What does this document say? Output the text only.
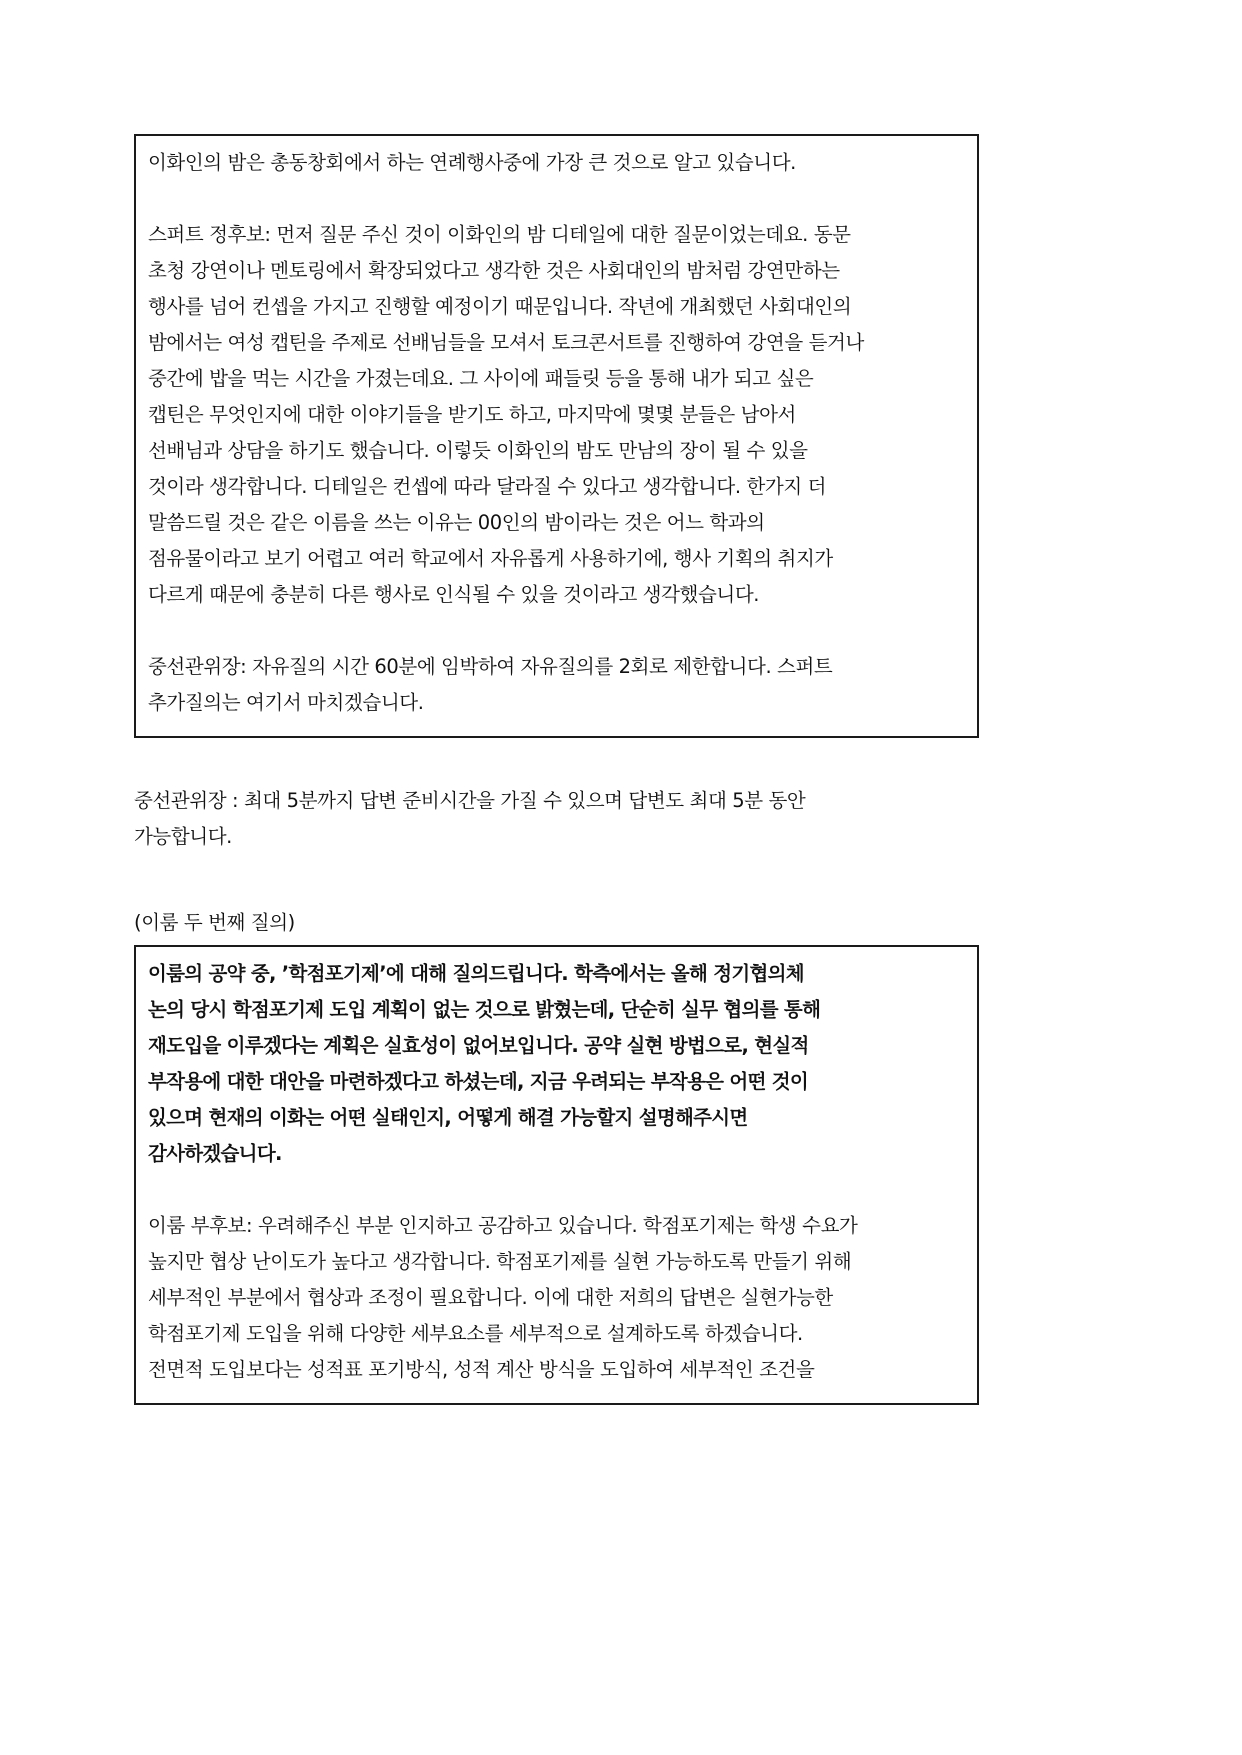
이화인의 밤은 총동창회에서 하는 연례행사중에 가장 큰 것으로 알고 있습니다.

스퍼트 정후보: 먼저 질문 주신 것이 이화인의 밤 디테일에 대한 질문이었는데요. 동문
초청 강연이나 멘토링에서 확장되었다고 생각한 것은 사회대인의 밤처럼 강연만하는
행사를 넘어 컨셉을 가지고 진행할 예정이기 때문입니다. 작년에 개최했던 사회대인의
밤에서는 여성 캡틴을 주제로 선배님들을 모셔서 토크콘서트를 진행하여 강연을 듣거나
중간에 밥을 먹는 시간을 가졌는데요. 그 사이에 패들릿 등을 통해 내가 되고 싶은
캡틴은 무엇인지에 대한 이야기들을 받기도 하고, 마지막에 몇몇 분들은 남아서
선배님과 상담을 하기도 했습니다. 이렇듯 이화인의 밤도 만남의 장이 될 수 있을
것이라 생각합니다. 디테일은 컨셉에 따라 달라질 수 있다고 생각합니다. 한가지 더
말씀드릴 것은 같은 이름을 쓰는 이유는 00인의 밤이라는 것은 어느 학과의
점유물이라고 보기 어렵고 여러 학교에서 자유롭게 사용하기에, 행사 기획의 취지가
다르게 때문에 충분히 다른 행사로 인식될 수 있을 것이라고 생각했습니다.

중선관위장: 자유질의 시간 60분에 임박하여 자유질의를 2회로 제한합니다. 스퍼트
추가질의는 여기서 마치겠습니다.

중선관위장 : 최대 5분까지 답변 준비시간을 가질 수 있으며 답변도 최대 5분 동안
가능합니다.
(이룸 두 번째 질의)

이룸의 공약 중, ’학점포기제’에 대해 질의드립니다. 학측에서는 올해 정기협의체
논의 당시 학점포기제 도입 계획이 없는 것으로 밝혔는데, 단순히 실무 협의를 통해
재도입을 이루겠다는 계획은 실효성이 없어보입니다. 공약 실현 방법으로, 현실적
부작용에 대한 대안을 마련하겠다고 하셨는데, 지금 우려되는 부작용은 어떤 것이
있으며 현재의 이화는 어떤 실태인지, 어떻게 해결 가능할지 설명해주시면
감사하겠습니다.

이룸 부후보: 우려해주신 부분 인지하고 공감하고 있습니다. 학점포기제는 학생 수요가
높지만 협상 난이도가 높다고 생각합니다. 학점포기제를 실현 가능하도록 만들기 위해
세부적인 부분에서 협상과 조정이 필요합니다. 이에 대한 저희의 답변은 실현가능한
학점포기제 도입을 위해 다양한 세부요소를 세부적으로 설계하도록 하겠습니다.
전면적 도입보다는 성적표 포기방식, 성적 계산 방식을 도입하여 세부적인 조건을
